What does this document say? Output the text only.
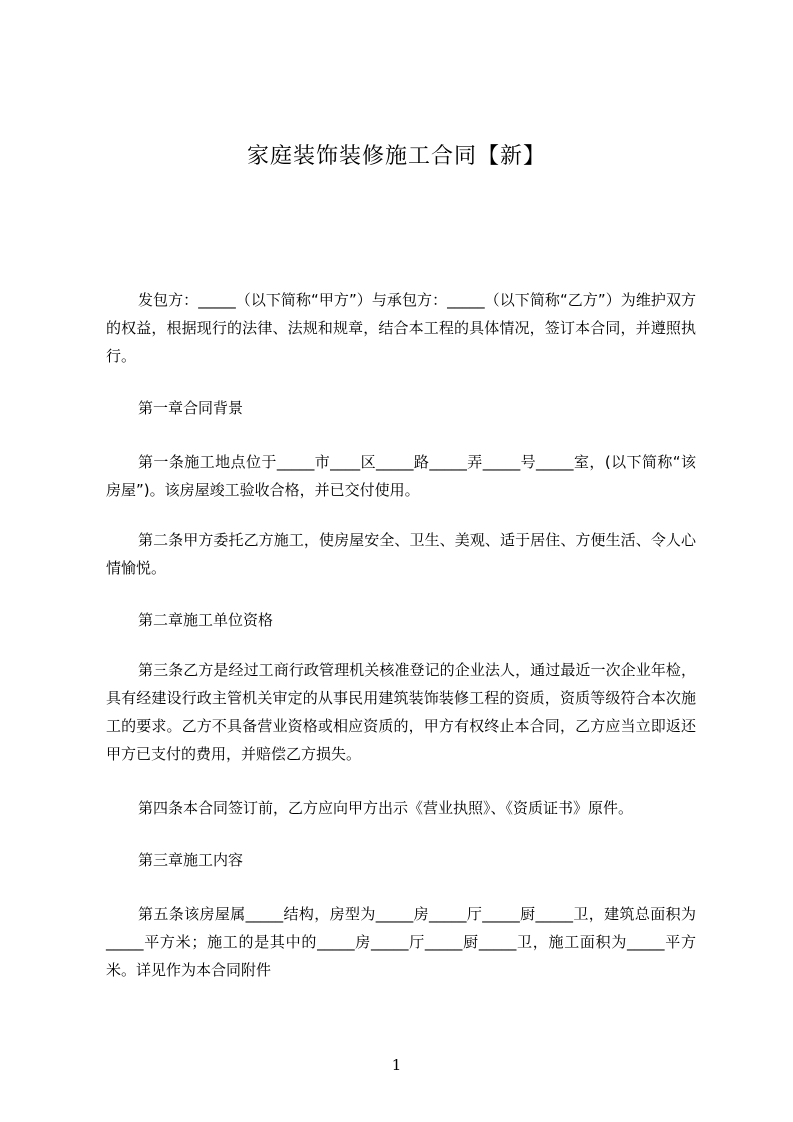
家庭装饰装修施工合同【新】

发包方：_____（以下简称“甲方”）与承包方：_____（以下简称“乙方”）为维护双方的权益，根据现行的法律、法规和规章，结合本工程的具体情况，签订本合同，并遵照执行。

第一章合同背景

第一条施工地点位于_____市____区_____路_____弄_____号_____室，(以下简称“该房屋”)。该房屋竣工验收合格，并已交付使用。

第二条甲方委托乙方施工，使房屋安全、卫生、美观、适于居住、方便生活、令人心情愉悦。

第二章施工单位资格

第三条乙方是经过工商行政管理机关核准登记的企业法人，通过最近一次企业年检，具有经建设行政主管机关审定的从事民用建筑装饰装修工程的资质，资质等级符合本次施工的要求。乙方不具备营业资格或相应资质的，甲方有权终止本合同，乙方应当立即返还甲方已支付的费用，并赔偿乙方损失。

第四条本合同签订前，乙方应向甲方出示《营业执照》、《资质证书》原件。

第三章施工内容

第五条该房屋属_____结构，房型为_____房_____厅_____厨_____卫，建筑总面积为_____平方米；施工的是其中的_____房_____厅_____厨_____卫，施工面积为_____平方米。详见作为本合同附件

1
